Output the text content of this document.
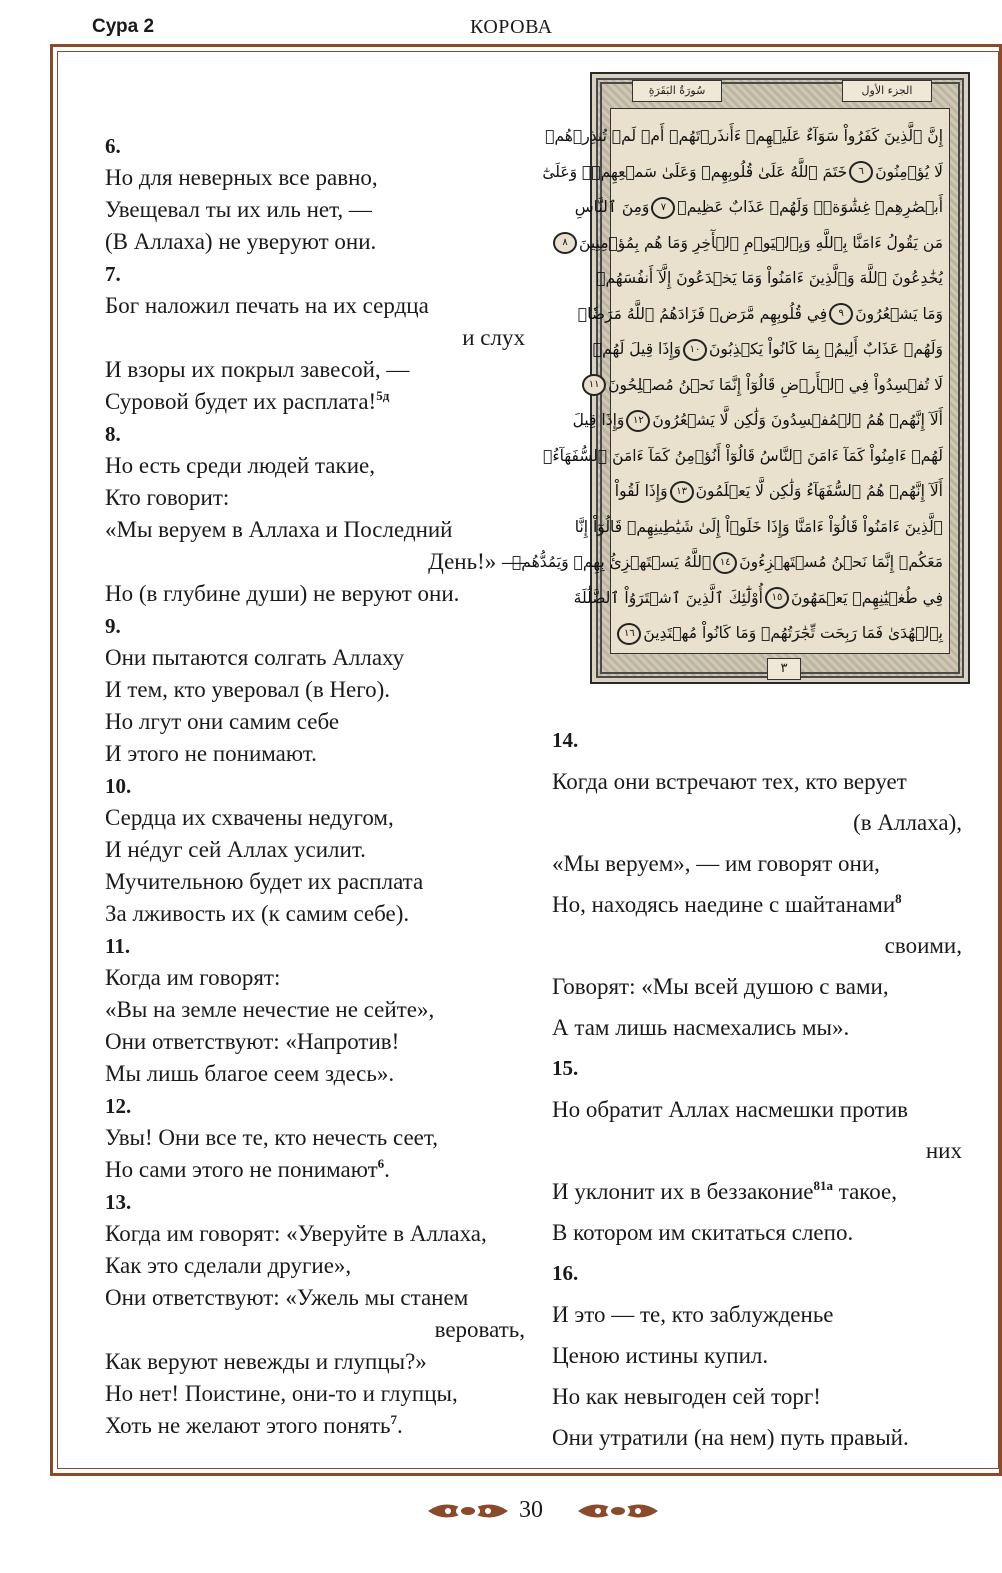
Сура 2	КОРОВА
سُورَةُ البَقَرَةِ	الجزء الأول
إِنَّ ٱلَّذِينَ كَفَرُواْ سَوَآءٌ عَلَيۡهِمۡ ءَأَنذَرۡتَهُمۡ أَمۡ لَمۡ تُنذِرۡهُمۡ
لَا يُؤۡمِنُونَ٦خَتَمَ ٱللَّهُ عَلَىٰ قُلُوبِهِمۡ وَعَلَىٰ سَمۡعِهِمۡۖ وَعَلَىٰٓ
أَبۡصَٰرِهِمۡ غِشَٰوَةٞۖ وَلَهُمۡ عَذَابٌ عَظِيمٞ٧وَمِنَ ٱلنَّاسِ
مَن يَقُولُ ءَامَنَّا بِٱللَّهِ وَبِٱلۡيَوۡمِ ٱلۡأٓخِرِ وَمَا هُم بِمُؤۡمِنِينَ٨
يُخَٰدِعُونَ ٱللَّهَ وَٱلَّذِينَ ءَامَنُواْ وَمَا يَخۡدَعُونَ إِلَّآ أَنفُسَهُمۡ
وَمَا يَشۡعُرُونَ٩فِي قُلُوبِهِم مَّرَضٞ فَزَادَهُمُ ٱللَّهُ مَرَضٗاۖ
وَلَهُمۡ عَذَابٌ أَلِيمُۢ بِمَا كَانُواْ يَكۡذِبُونَ١٠وَإِذَا قِيلَ لَهُمۡ
لَا تُفۡسِدُواْ فِي ٱلۡأَرۡضِ قَالُوٓاْ إِنَّمَا نَحۡنُ مُصۡلِحُونَ١١
أَلَآ إِنَّهُمۡ هُمُ ٱلۡمُفۡسِدُونَ وَلَٰكِن لَّا يَشۡعُرُونَ١٢وَإِذَا قِيلَ
لَهُمۡ ءَامِنُواْ كَمَآ ءَامَنَ ٱلنَّاسُ قَالُوٓاْ أَنُؤۡمِنُ كَمَآ ءَامَنَ ٱلسُّفَهَآءُۗ
أَلَآ إِنَّهُمۡ هُمُ ٱلسُّفَهَآءُ وَلَٰكِن لَّا يَعۡلَمُونَ١٣وَإِذَا لَقُواْ
ٱلَّذِينَ ءَامَنُواْ قَالُوٓاْ ءَامَنَّا وَإِذَا خَلَوۡاْ إِلَىٰ شَيَٰطِينِهِمۡ قَالُوٓاْ إِنَّا
مَعَكُمۡ إِنَّمَا نَحۡنُ مُسۡتَهۡزِءُونَ١٤ٱللَّهُ يَسۡتَهۡزِئُ بِهِمۡ وَيَمُدُّهُمۡ
فِي طُغۡيَٰنِهِمۡ يَعۡمَهُونَ١٥أُوْلَٰٓئِكَ ٱلَّذِينَ ٱشۡتَرَوُاْ ٱلضَّلَٰلَةَ
بِٱلۡهُدَىٰ فَمَا رَبِحَت تِّجَٰرَتُهُمۡ وَمَا كَانُواْ مُهۡتَدِينَ١٦
٣
6.
Но для неверных все равно,
Увещевал ты их иль нет, —
(В Аллаха) не уверуют они.
7.
Бог наложил печать на их сердца
и слух
И взоры их покрыл завесой, —
Суровой будет их расплата!$^{5д}$
8.
Но есть среди людей такие,
Кто говорит:
«Мы веруем в Аллаха и Последний
День!» —
Но (в глубине души) не веруют они.
9.
Они пытаются солгать Аллаху
И тем, кто уверовал (в Него).
Но лгут они самим себе
И этого не понимают.
10.
Сердца их схвачены недугом,
И нéдуг сей Аллах усилит.
Мучительною будет их расплата
За лживость их (к самим себе).
11.
Когда им говорят:
«Вы на земле нечестие не сейте»,
Они ответствуют: «Напротив!
Мы лишь благое сеем здесь».
12.
Увы! Они все те, кто нечесть сеет,
Но сами этого не понимают$^6$.
13.
Когда им говорят: «Уверуйте в Аллаха,
Как это сделали другие»,
Они ответствуют: «Ужель мы станем
веровать,
Как веруют невежды и глупцы?»
Но нет! Поистине, они-то и глупцы,
Хоть не желают этого понять$^7$.
14.
Когда они встречают тех, кто верует
(в Аллаха),
«Мы веруем», — им говорят они,
Но, находясь наедине с шайтанами$^8$
своими,
Говорят: «Мы всей душою с вами,
А там лишь насмехались мы».
15.
Но обратит Аллах насмешки против
них
И уклонит их в беззаконие$^{81а}$ такое,
В котором им скитаться слепо.
16.
И это — те, кто заблужденье
Ценою истины купил.
Но как невыгоден сей торг!
Они утратили (на нем) путь правый.
30
